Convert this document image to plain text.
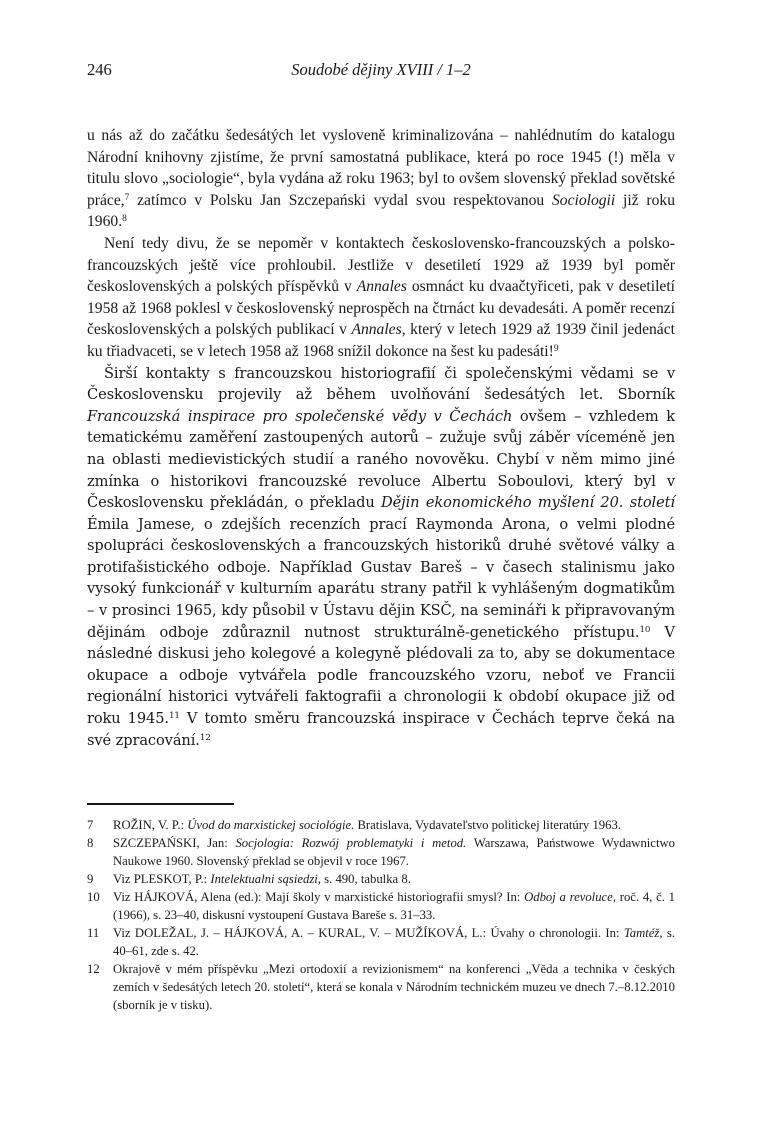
246	Soudobé dějiny XVIII / 1–2

u nás až do začátku šedesátých let vysloveně kriminalizována – nahlédnutím do katalogu Národní knihovny zjistíme, že první samostatná publikace, která po roce 1945 (!) měla v titulu slovo „sociologie“, byla vydána až roku 1963; byl to ovšem slovenský překlad sovětské práce,$^7$ zatímco v Polsku Jan Szczepański vydal svou respektovanou Sociologii již roku 1960.$^8$

Není tedy divu, že se nepoměr v kontaktech československo-francouzských a polsko-francouzských ještě více prohloubil. Jestliže v desetiletí 1929 až 1939 byl poměr československých a polských příspěvků v Annales osmnáct ku dvaačtyřiceti, pak v desetiletí 1958 až 1968 poklesl v československý neprospěch na čtrnáct ku devadesáti. A poměr recenzí československých a polských publikací v Annales, který v letech 1929 až 1939 činil jedenáct ku třiadvaceti, se v letech 1958 až 1968 snížil dokonce na šest ku padesáti!$^9$

Širší kontakty s francouzskou historiografií či společenskými vědami se v Československu projevily až během uvolňování šedesátých let. Sborník Francouzská inspirace pro společenské vědy v Čechách ovšem – vzhledem k tematickému zaměření zastoupených autorů – zužuje svůj záběr víceméně jen na oblasti medievistických studií a raného novověku. Chybí v něm mimo jiné zmínka o historikovi francouzské revoluce Albertu Soboulovi, který byl v Československu překládán, o překladu Dějin ekonomického myšlení 20. století Émila Jamese, o zdejších recenzích prací Raymonda Arona, o velmi plodné spolupráci československých a francouzských historiků druhé světové války a protifašistického odboje. Například Gustav Bareš – v časech stalinismu jako vysoký funkcionář v kulturním aparátu strany patřil k vyhlášeným dogmatikům – v prosinci 1965, kdy působil v Ústavu dějin KSČ, na semináři k připravovaným dějinám odboje zdůraznil nutnost strukturálně-genetického přístupu.$^{10}$ V následné diskusi jeho kolegové a kolegyně plédovali za to, aby se dokumentace okupace a odboje vytvářela podle francouzského vzoru, neboť ve Francii regionální historici vytvářeli faktografii a chronologii k období okupace již od roku 1945.11 V tomto směru francouzská inspirace v Čechách teprve čeká na své zpracování.$^{12}$

7	ROŽIN, V. P.: Úvod do marxistickej sociológie. Bratislava, Vydavateľstvo politickej literatúry 1963.
8	SZCZEPAŃSKI, Jan: Socjologia: Rozwój problematyki i metod. Warszawa, Państwowe Wydawnictwo Naukowe 1960. Slovenský překlad se objevil v roce 1967.
9	Viz PLESKOT, P.: Intelektualni sąsiedzi, s. 490, tabulka 8.
10	Viz HÁJKOVÁ, Alena (ed.): Mají školy v marxistické historiografii smysl? In: Odboj a revoluce, roč. 4, č. 1 (1966), s. 23–40, diskusní vystoupení Gustava Bareše s. 31–33.
11	Viz DOLEŽAL, J. – HÁJKOVÁ, A. – KURAL, V. – MUŽÍKOVÁ, L.: Úvahy o chronologii. In: Tamtéž, s. 40–61, zde s. 42.
12	Okrajově v mém příspěvku „Mezi ortodoxií a revizionismem“ na konferenci „Věda a technika v českých zemích v šedesátých letech 20. století“, která se konala v Národním technickém muzeu ve dnech 7.–8.12.2010 (sborník je v tisku).
